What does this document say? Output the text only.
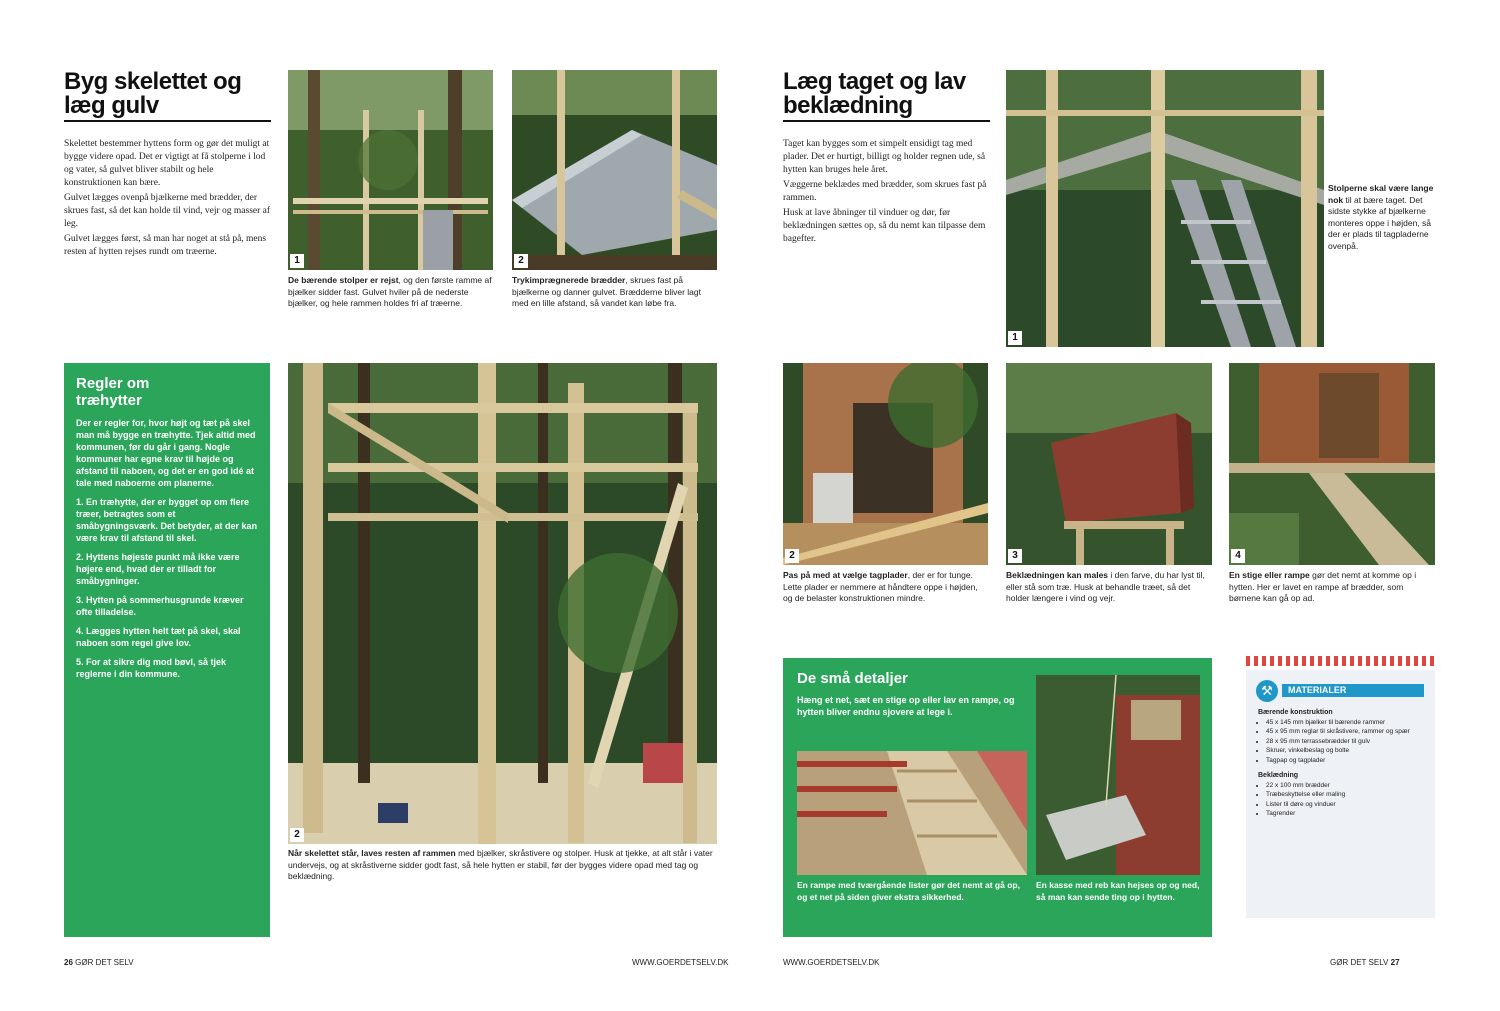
Byg skelettet og læg gulv

Skelettet bestemmer hyttens form og gør det muligt at bygge videre opad. Det er vigtigt at få stolperne i lod og vater, så gulvet bliver stabilt og hele konstruktionen kan bære.

Gulvet lægges ovenpå bjælkerne med brædder, der skrues fast, så det kan holde til vind, vejr og masser af leg.

Gulvet lægges først, så man har noget at stå på, mens resten af hytten rejses rundt om træerne.

1
De bærende stolper er rejst, og den første ramme af bjælker sidder fast. Gulvet hviler på de nederste bjælker, og hele rammen holdes fri af træerne.
2
Trykimprægnerede brædder, skrues fast på bjælkerne og danner gulvet. Brædderne bliver lagt med en lille afstand, så vandet kan løbe fra.
Regler om træhytter

Der er regler for, hvor højt og tæt på skel man må bygge en træhytte. Tjek altid med kommunen, før du går i gang. Nogle kommuner har egne krav til højde og afstand til naboen, og det er en god idé at tale med naboerne om planerne.

1. En træhytte, der er bygget op om flere træer, betragtes som et småbygningsværk. Det betyder, at der kan være krav til afstand til skel.

2. Hyttens højeste punkt må ikke være højere end, hvad der er tilladt for småbygninger.

3. Hytten på sommerhusgrunde kræver ofte tilladelse.

4. Lægges hytten helt tæt på skel, skal naboen som regel give lov.

5. For at sikre dig mod bøvl, så tjek reglerne i din kommune.

2
Når skelettet står, laves resten af rammen med bjælker, skråstivere og stolper. Husk at tjekke, at alt står i vater undervejs, og at skråstiverne sidder godt fast, så hele hytten er stabil, før der bygges videre opad med tag og beklædning.
26 GØR DET SELV	WWW.GOERDETSELV.DK
Læg taget og lav beklædning

Taget kan bygges som et simpelt ensidigt tag med plader. Det er hurtigt, billigt og holder regnen ude, så hytten kan bruges hele året.

Væggerne beklædes med brædder, som skrues fast på rammen.

Husk at lave åbninger til vinduer og dør, før beklædningen sættes op, så du nemt kan tilpasse dem bagefter.

1
Stolperne skal være lange nok til at bære taget. Det sidste stykke af bjælkerne monteres oppe i højden, så der er plads til tagpladerne ovenpå.
2
Pas på med at vælge tagplader, der er for tunge. Lette plader er nemmere at håndtere oppe i højden, og de belaster konstruktionen mindre.
3
Beklædningen kan males i den farve, du har lyst til, eller stå som træ. Husk at behandle træet, så det holder længere i vind og vejr.
4
En stige eller rampe gør det nemt at komme op i hytten. Her er lavet en rampe af brædder, som børnene kan gå op ad.
De små detaljer
Hæng et net, sæt en stige op eller lav en rampe, og hytten bliver endnu sjovere at lege i.
En rampe med tværgående lister gør det nemt at gå op, og et net på siden giver ekstra sikkerhed.
En kasse med reb kan hejses op og ned, så man kan sende ting op i hytten.
⚒	MATERIALER
Bærende konstruktion
• 45 x 145 mm bjælker til bærende rammer
• 45 x 95 mm reglar til skråstivere, rammer og spær
• 28 x 95 mm terrassebrædder til gulv
• Skruer, vinkelbeslag og bolte
• Tagpap og tagplader
Beklædning
• 22 x 100 mm brædder
• Træbeskyttelse eller maling
• Lister til døre og vinduer
• Tagrender
WWW.GOERDETSELV.DK	GØR DET SELV 27
